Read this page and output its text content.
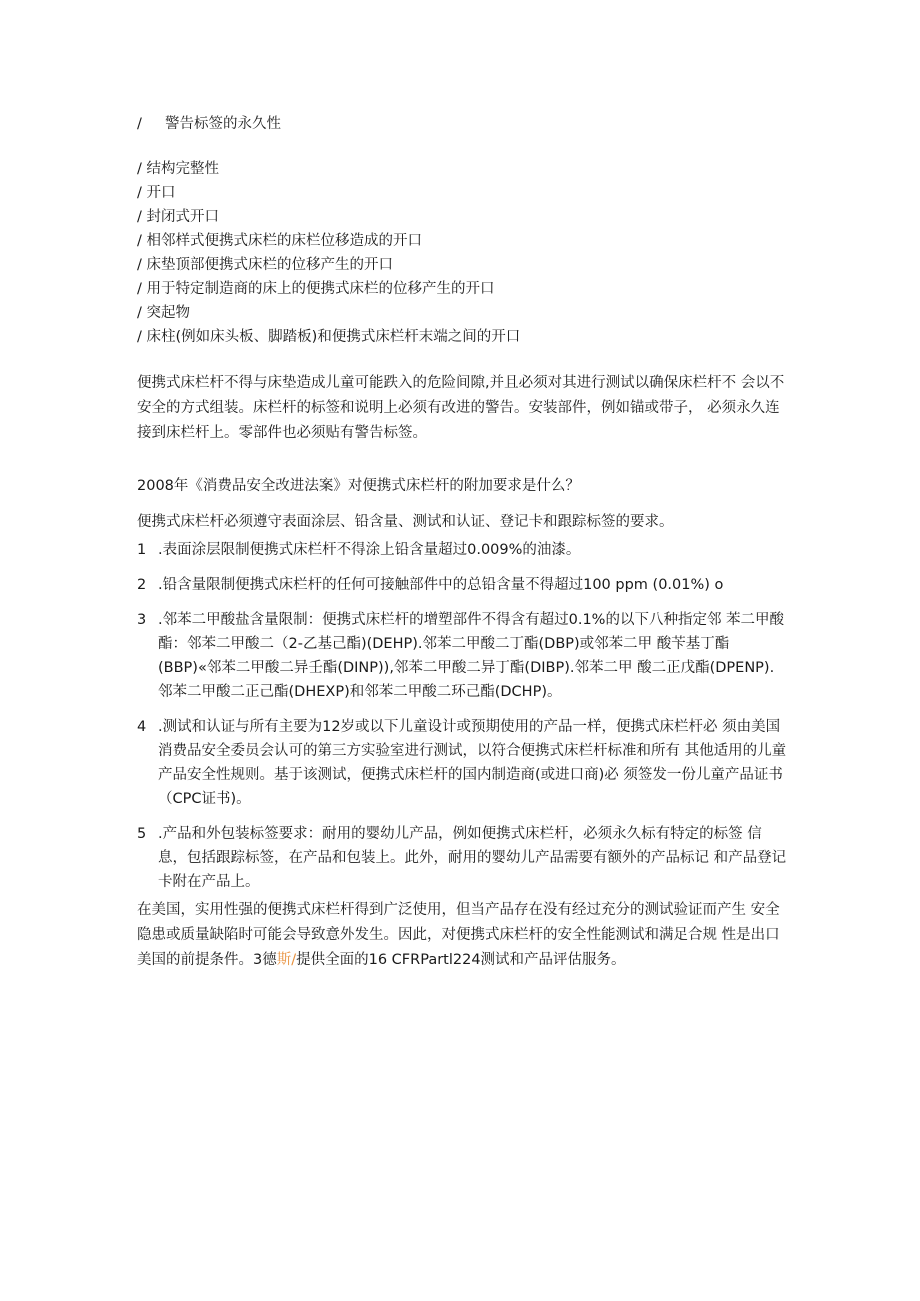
/ 警告标签的永久性
/ 结构完整性
/ 开口
/ 封闭式开口
/ 相邻样式便携式床栏的床栏位移造成的开口
/ 床垫顶部便携式床栏的位移产生的开口
/ 用于特定制造商的床上的便携式床栏的位移产生的开口
/ 突起物
/ 床柱(例如床头板、脚踏板)和便携式床栏杆末端之间的开口

便携式床栏杆不得与床垫造成儿童可能跌入的危险间隙,并且必须对其进行测试以确保床栏杆不 会以不安全的方式组装。床栏杆的标签和说明上必须有改进的警告。安装部件，例如锚或带子， 必须永久连接到床栏杆上。零部件也必须贴有警告标签。

2008年《消费品安全改进法案》对便携式床栏杆的附加要求是什么？

便携式床栏杆必须遵守表面涂层、铅含量、测试和认证、登记卡和跟踪标签的要求。

1 .表面涂层限制便携式床栏杆不得涂上铅含量超过0.009%的油漆。
2 .铅含量限制便携式床栏杆的任何可接触部件中的总铅含量不得超过100 ppm (0.01%) o
3 .邻苯二甲酸盐含量限制：便携式床栏杆的增塑部件不得含有超过0.1%的以下八种指定邻 苯二甲酸酯：邻苯二甲酸二（2-乙基己酯)(DEHP).邻苯二甲酸二丁酯(DBP)或邻苯二甲 酸苄基丁酯(BBP)«邻苯二甲酸二异壬酯(DINP)),邻苯二甲酸二异丁酯(DIBP).邻苯二甲 酸二正戊酯(DPENP).邻苯二甲酸二正己酯(DHEXP)和邻苯二甲酸二环己酯(DCHP)。
4 .测试和认证与所有主要为12岁或以下儿童设计或预期使用的产品一样，便携式床栏杆必 须由美国消费品安全委员会认可的第三方实验室进行测试，以符合便携式床栏杆标准和所有 其他适用的儿童产品安全性规则。基于该测试，便携式床栏杆的国内制造商(或进口商)必 须签发一份儿童产品证书（CPC证书)。
5 .产品和外包装标签要求：耐用的婴幼儿产品，例如便携式床栏杆，必须永久标有特定的标签 信息，包括跟踪标签，在产品和包装上。此外，耐用的婴幼儿产品需要有额外的产品标记 和产品登记卡附在产品上。

在美国，实用性强的便携式床栏杆得到广泛使用，但当产品存在没有经过充分的测试验证而产生 安全隐患或质量缺陷时可能会导致意外发生。因此，对便携式床栏杆的安全性能测试和满足合规 性是出口美国的前提条件。3德斯/提供全面的16 CFRPartl224测试和产品评估服务。
